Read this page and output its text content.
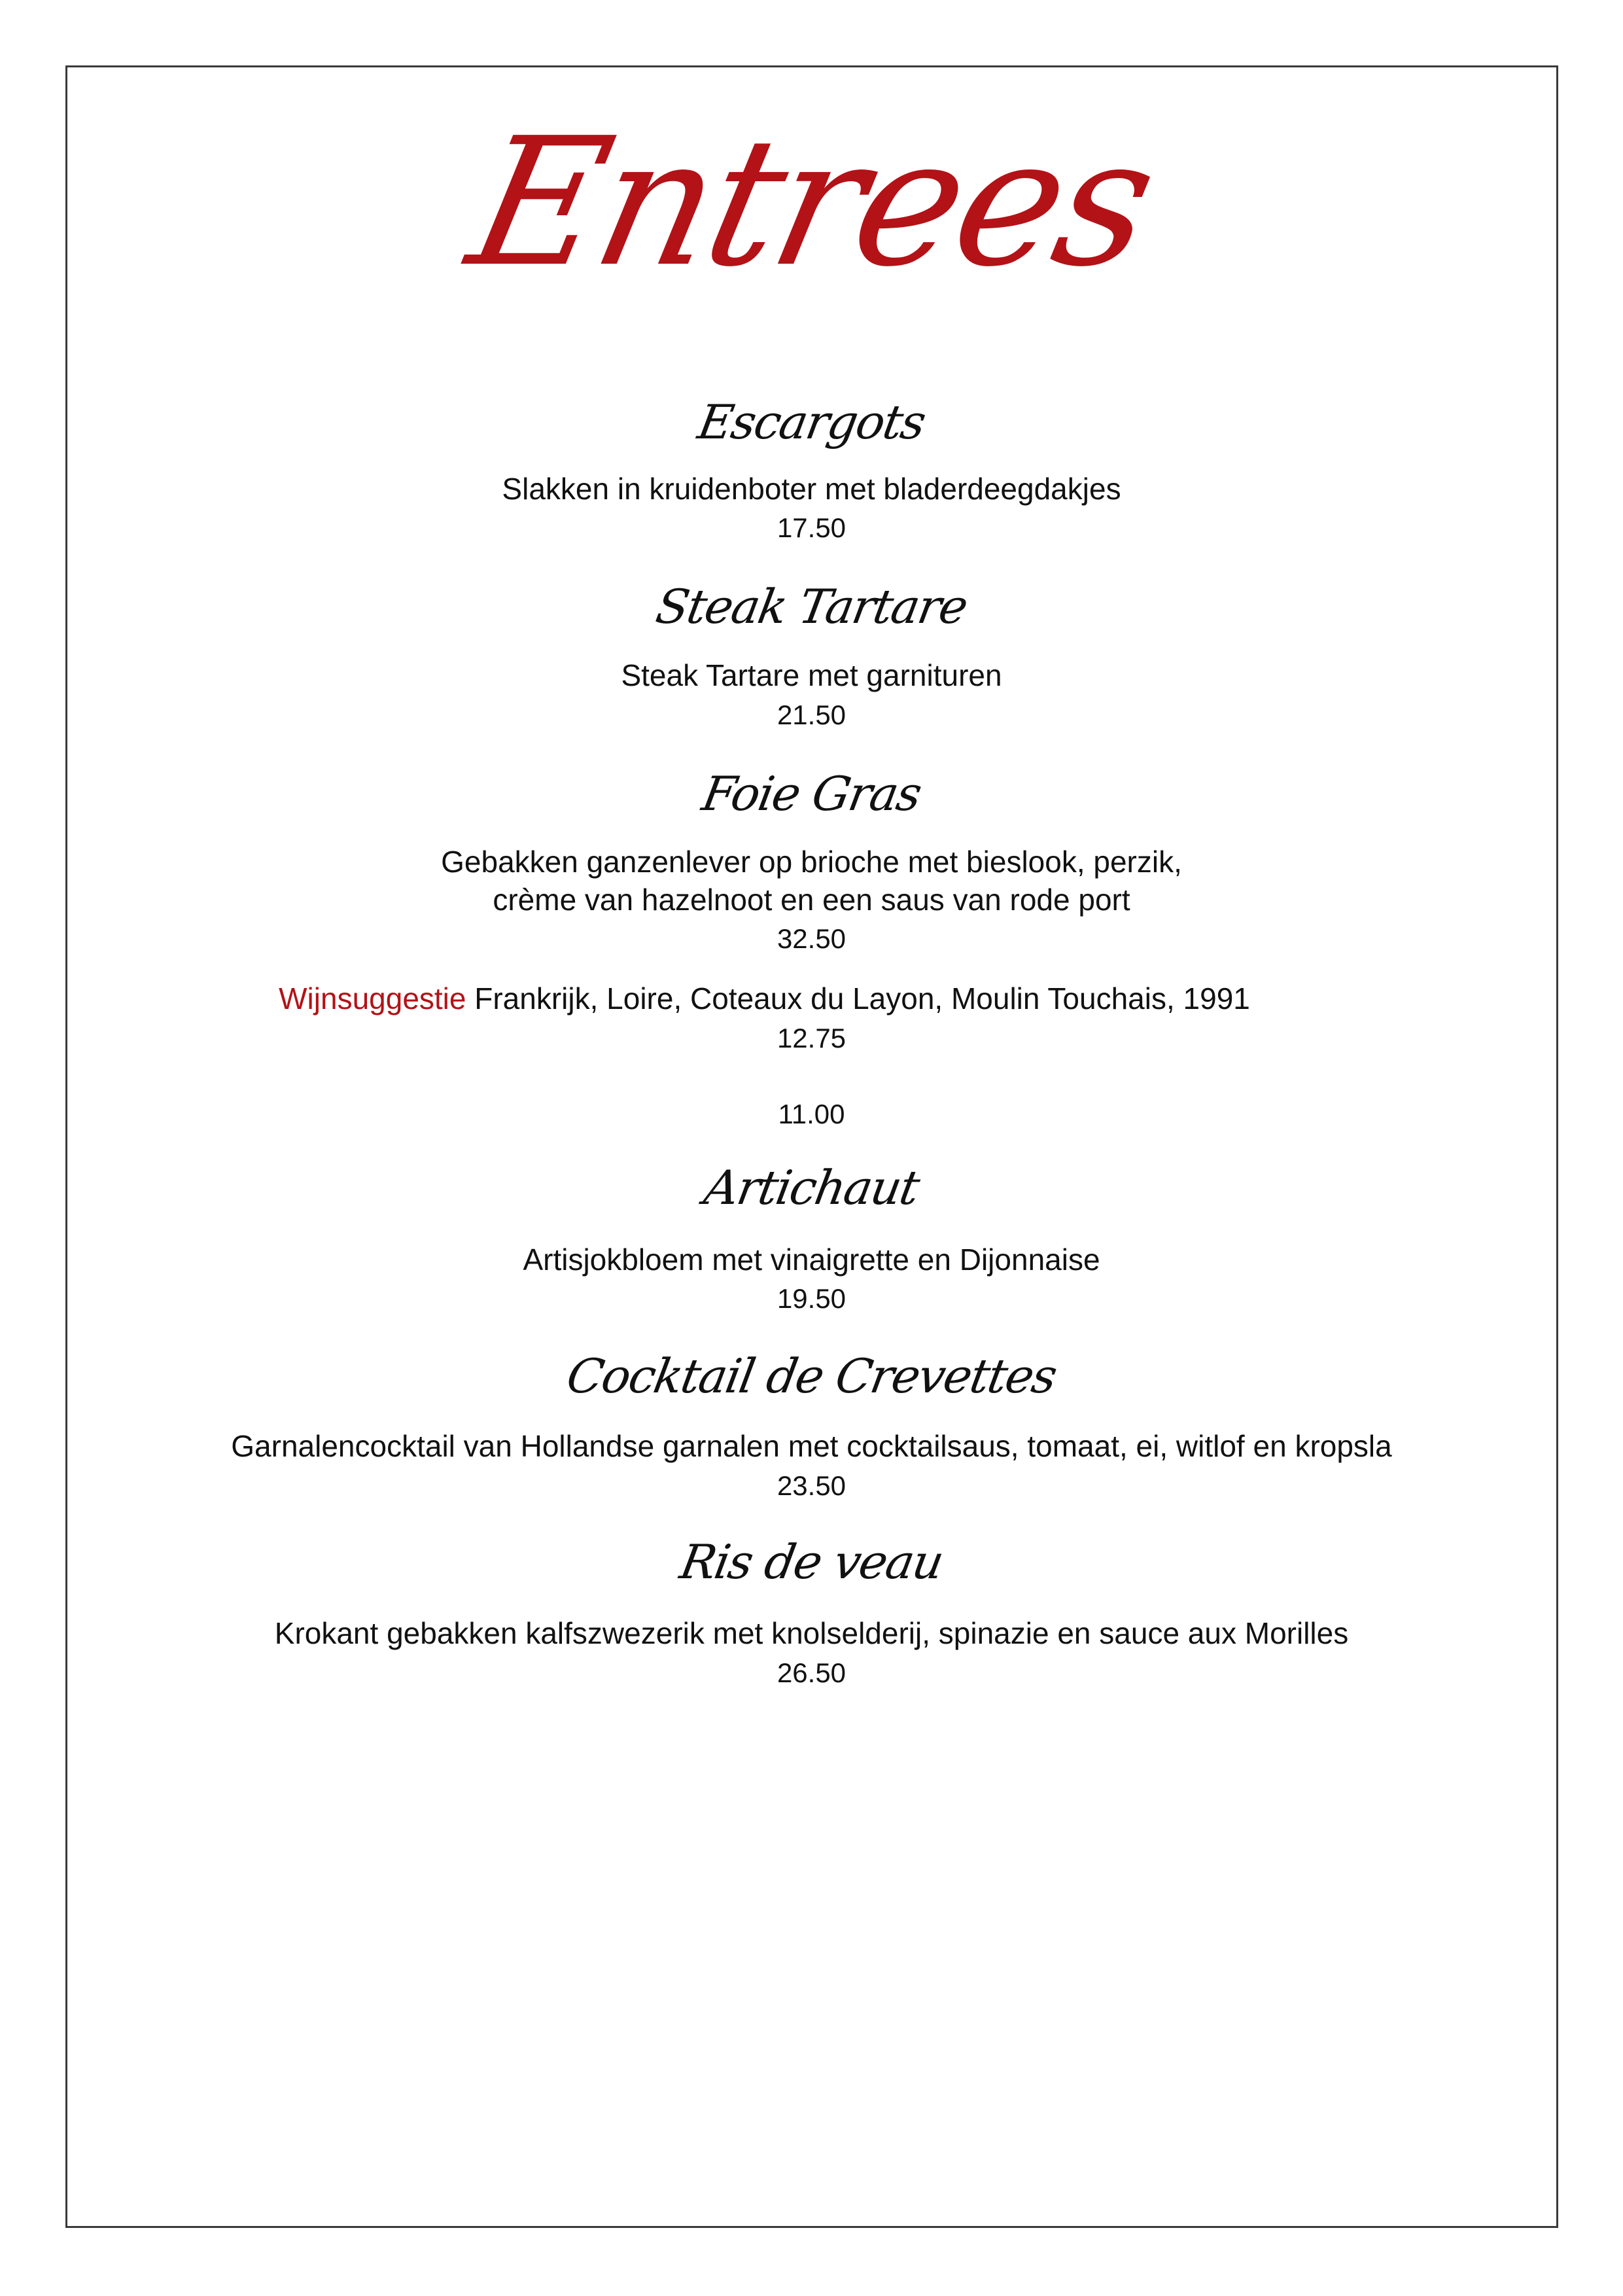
Entrees
Escargots
Slakken in kruidenboter met bladerdeegdakjes
17.50
Steak Tartare
Steak Tartare met garnituren
21.50
Foie Gras
Gebakken ganzenlever op brioche met bieslook, perzik,
crème van hazelnoot en een saus van rode port
32.50
Wijnsuggestie Frankrijk, Loire, Coteaux du Layon, Moulin Touchais, 1991
12.75
11.00
Artichaut
Artisjokbloem met vinaigrette en Dijonnaise
19.50
Cocktail de Crevettes
Garnalencocktail van Hollandse garnalen met cocktailsaus, tomaat, ei, witlof en kropsla
23.50
Ris de veau
Krokant gebakken kalfszwezerik met knolselderij, spinazie en sauce aux Morilles
26.50
